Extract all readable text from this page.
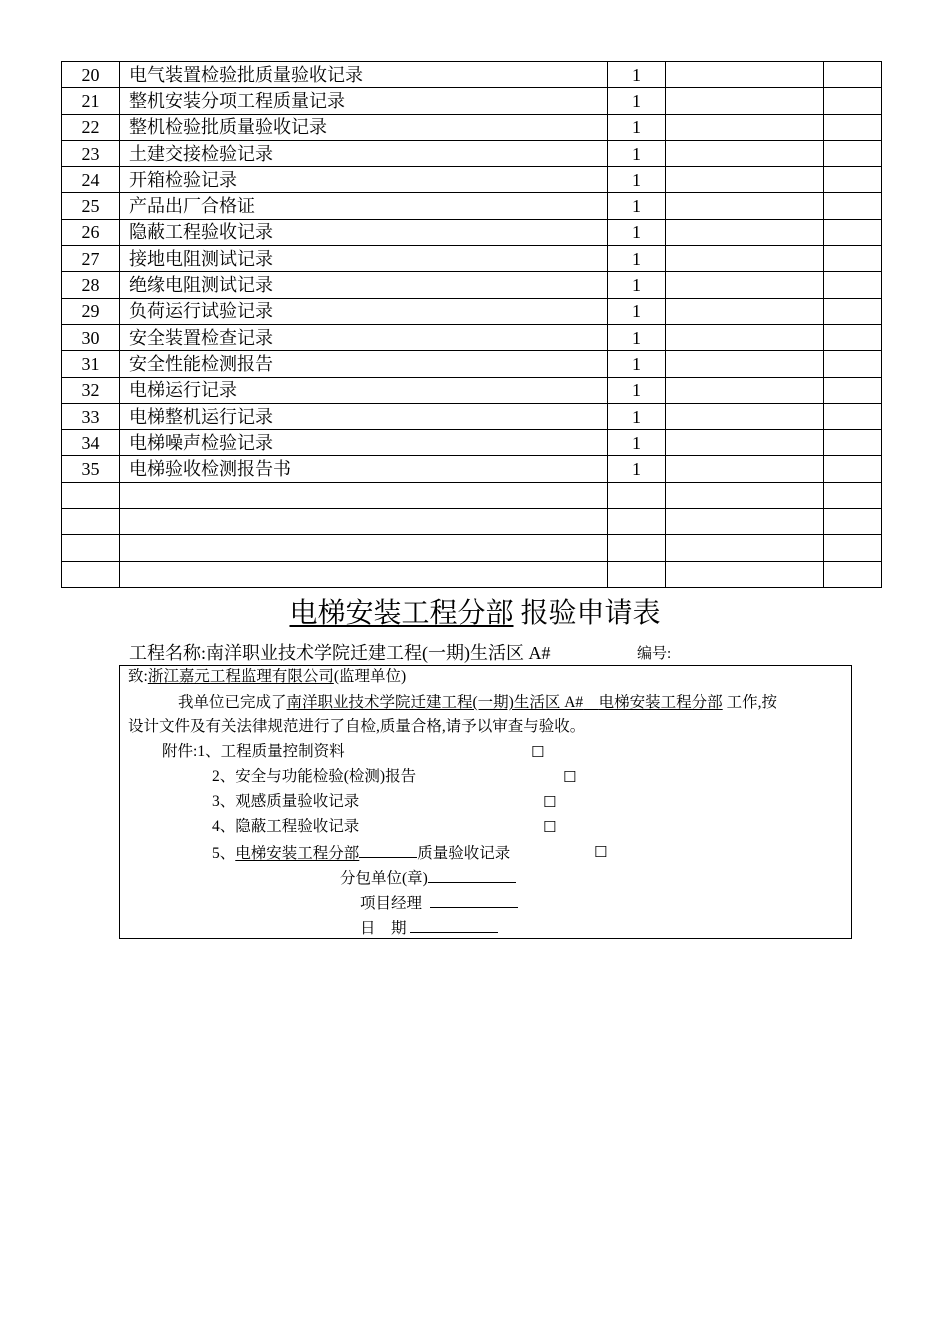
20	电气装置检验批质量验收记录	1		
21	整机安装分项工程质量记录	1		
22	整机检验批质量验收记录	1		
23	土建交接检验记录	1		
24	开箱检验记录	1		
25	产品出厂合格证	1		
26	隐蔽工程验收记录	1		
27	接地电阻测试记录	1		
28	绝缘电阻测试记录	1		
29	负荷运行试验记录	1		
30	安全装置检查记录	1		
31	安全性能检测报告	1		
32	电梯运行记录	1		
33	电梯整机运行记录	1		
34	电梯噪声检验记录	1		
35	电梯验收检测报告书	1		

电梯安装工程分部 报验申请表
工程名称:南洋职业技术学院迁建工程(一期)生活区 A#	编号:
致:浙江嘉元工程监理有限公司(监理单位)
我单位已完成了南洋职业技术学院迁建工程(一期)生活区 A# 电梯安装工程分部 工作,按
设计文件及有关法律规范进行了自检,质量合格,请予以审查与验收。
附件:1、工程质量控制资料	☐
2、安全与功能检验(检测)报告	☐
3、观感质量验收记录	☐
4、隐蔽工程验收记录	☐
5、电梯安装工程分部	质量验收记录	☐
分包单位(章)
项目经理
日    期
